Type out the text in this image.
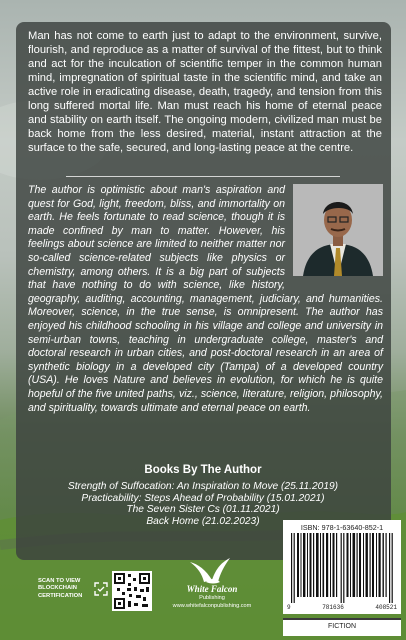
Man has not come to earth just to adapt to the environment, survive, flourish, and reproduce as a matter of survival of the fittest, but to think and act for the inculcation of scientific temper in the common human mind, impregnation of spiritual taste in the scientific mind, and take an active role in eradicating disease, death, tragedy, and tension from this long suffered mortal life. Man must reach his home of eternal peace and stability on earth itself. The ongoing modern, civilized man must be back home from the less desired, material, instant attraction at the surface to the safe, secured, and long-lasting peace at the centre.
The author is optimistic about man's aspiration and quest for God, light, freedom, bliss, and immortality on earth. He feels fortunate to read science, though it is made confined by man to matter. However, his feelings about science are limited to neither matter nor so-called science-related subjects like physics or chemistry, among others. It is a big part of subjects that have nothing to do with science, like history, geography, auditing, accounting, management, judiciary, and humanities. Moreover, science, in the true sense, is omnipresent. The author has enjoyed his childhood schooling in his village and college and university in semi-urban towns, teaching in undergraduate college, master's and doctoral research in urban cities, and post-doctoral research in an area of synthetic biology in a developed city (Tampa) of a developed country (USA). He loves Nature and believes in evolution, for which he is quite hopeful of the five united paths, viz., science, literature, religion, philosophy, and spirituality, towards ultimate and eternal peace on earth.
Books By The Author
Strength of Suffocation: An Inspiration to Move (25.11.2019)
Practicability: Steps Ahead of Probability (15.01.2021)
The Seven Sister Cs (01.11.2021)
Back Home (21.02.2023)
SCAN TO VIEW BLOCKCHAIN CERTIFICATION
White Falcon
Publishing
www.whitefalconpublishing.com
ISBN: 978-1-63640-852-1
9	781636	408521
FICTION
